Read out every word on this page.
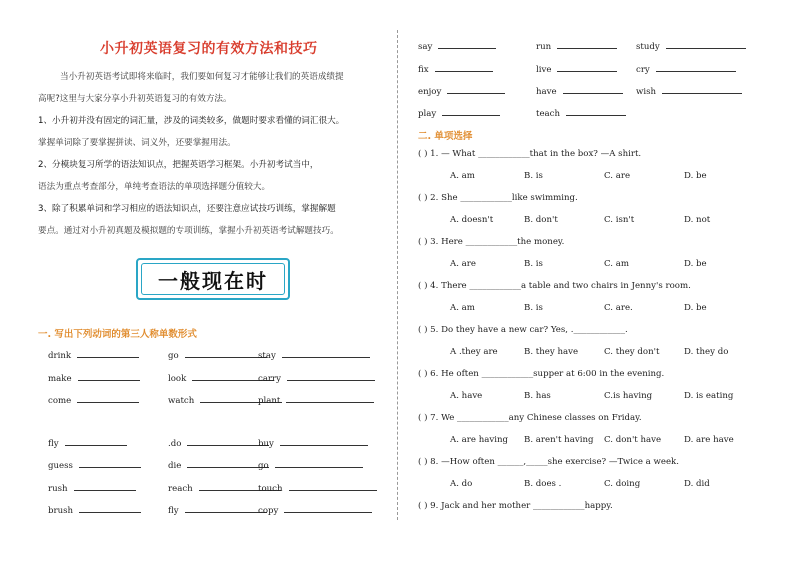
小升初英语复习的有效方法和技巧
当小升初英语考试即将来临时，我们要如何复习才能够让我们的英语成绩提
高呢?这里与大家分享小升初英语复习的有效方法。
1、小升初并没有固定的词汇量，涉及的词类较多，做题时要求看懂的词汇很大。
掌握单词除了要掌握拼读、词义外，还要掌握用法。
2、分模块复习所学的语法知识点，把握英语学习框架。小升初考试当中，
语法为重点考查部分，单纯考查语法的单项选择题分值较大。
3、除了积累单词和学习相应的语法知识点，还要注意应试技巧训练，掌握解题
要点。通过对小升初真题及模拟题的专项训练，掌握小升初英语考试解题技巧。
一般现在时
一. 写出下列动词的第三人称单数形式
drink	go	stay
make	look	carry
come	watch	plant
fly	.do	buy
guess	die	go
rush	reach	touch
brush	fly	copy
say	run	study
fix	live	cry
enjoy	have	wish
play	teach
二. 单项选择
( ) 1. — What ____________that in the box? —A shirt.
A. am	B. is	C. are	D. be
( ) 2. She ____________like swimming.
A. doesn't	B. don't	C. isn't	D. not
( ) 3. Here ____________the money.
A. are	B. is	C. am	D. be
( ) 4. There ____________a table and two chairs in Jenny's room.
A. am	B. is	C. are.	D. be
( ) 5. Do they have a new car? Yes, .____________.
A .they are	B. they have	C. they don't	D. they do
( ) 6. He often ____________supper at 6:00 in the evening.
A. have	B. has	C.is having	D. is eating
( ) 7. We ____________any Chinese classes on Friday.
A. are having B. aren't having C. don't have	D. are have
( ) 8. —How often ______,_____she exercise? —Twice a week.
A. do	B. does .	C. doing	D. did
( ) 9. Jack and her mother ____________happy.
